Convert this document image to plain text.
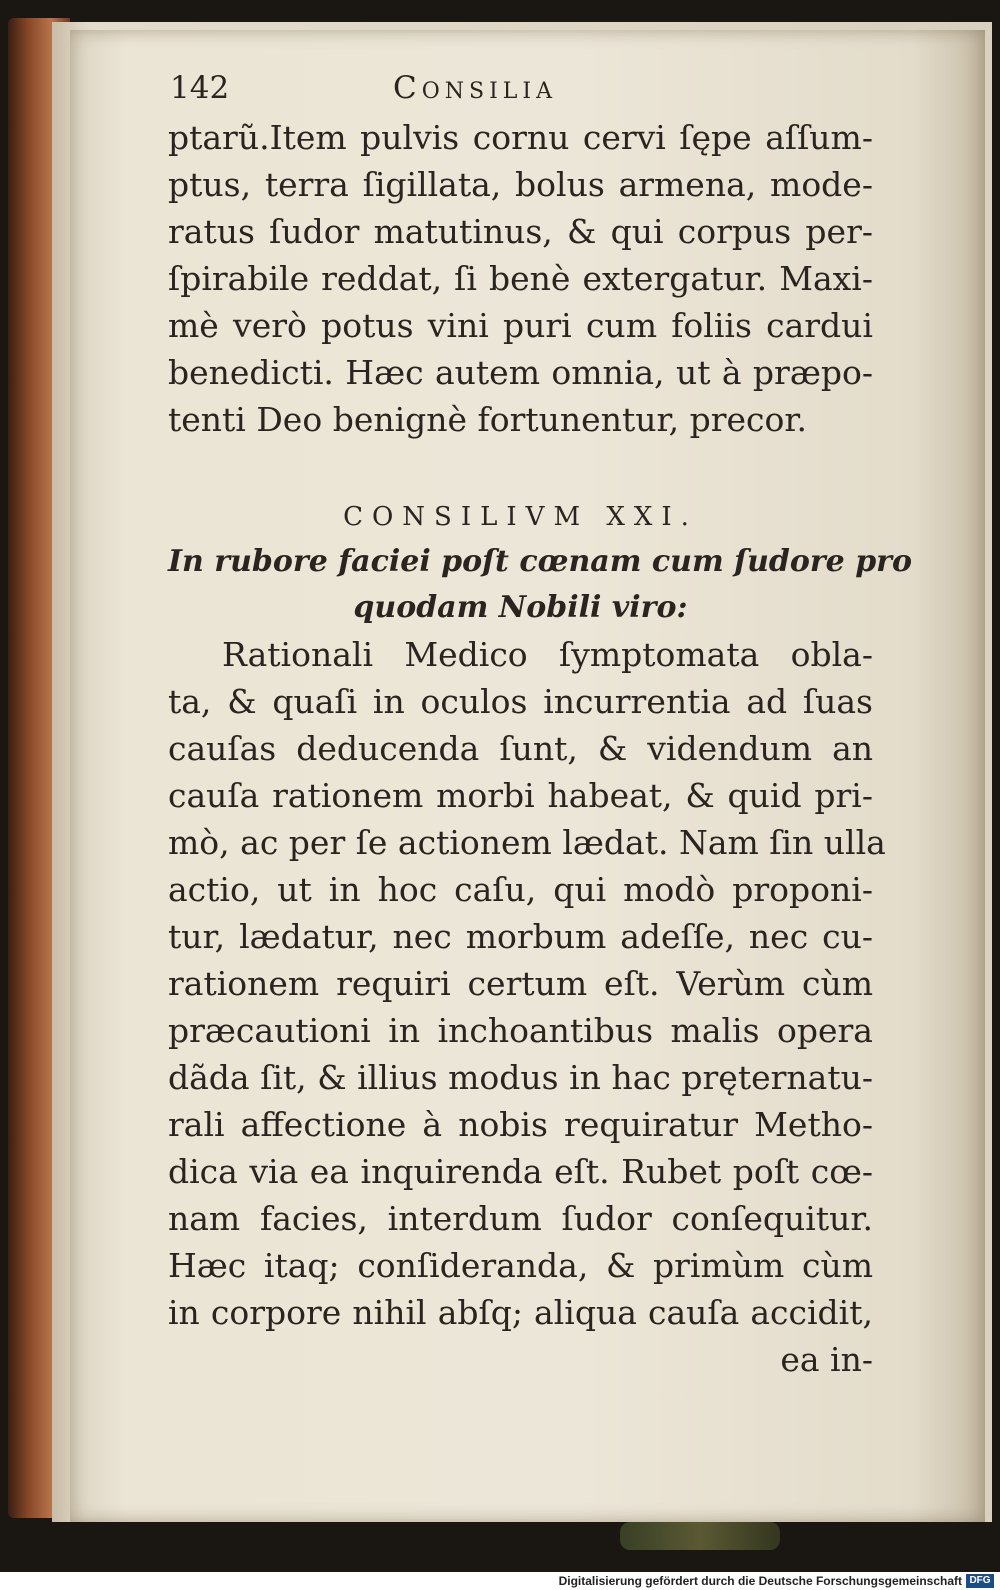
142	Consilia
ptarũ.Item pulvis cornu cervi ſępe aſſum-
ptus, terra ſigillata, bolus armena, mode-
ratus ſudor matutinus, & qui corpus per-
ſpirabile reddat, ſi benè extergatur. Maxi-
mè verò potus vini puri cum foliis cardui
benedicti. Hæc autem omnia, ut à præpo-
tenti Deo benignè fortunentur, precor.
CONSILIVM XXI.
In rubore faciei poſt cœnam cum ſudore pro
quodam Nobili viro:
Rationali Medico ſymptomata obla-
ta, & quaſi in oculos incurrentia ad ſuas
cauſas deducenda ſunt, & videndum an
cauſa rationem morbi habeat, & quid pri-
mò, ac per ſe actionem lædat. Nam ſin ulla
actio, ut in hoc caſu, qui modò proponi-
tur, lædatur, nec morbum adeſſe, nec cu-
rationem requiri certum eſt. Verùm cùm
præcautioni in inchoantibus malis opera
dãda ſit, & illius modus in hac pręternatu-
rali affectione à nobis requiratur Metho-
dica via ea inquirenda eſt. Rubet poſt cœ-
nam facies, interdum ſudor conſequitur.
Hæc itaq; conſideranda, & primùm cùm
in corpore nihil abſq; aliqua cauſa accidit,
ea in-
Digitalisierung gefördert durch die Deutsche Forschungsgemeinschaft DFG
